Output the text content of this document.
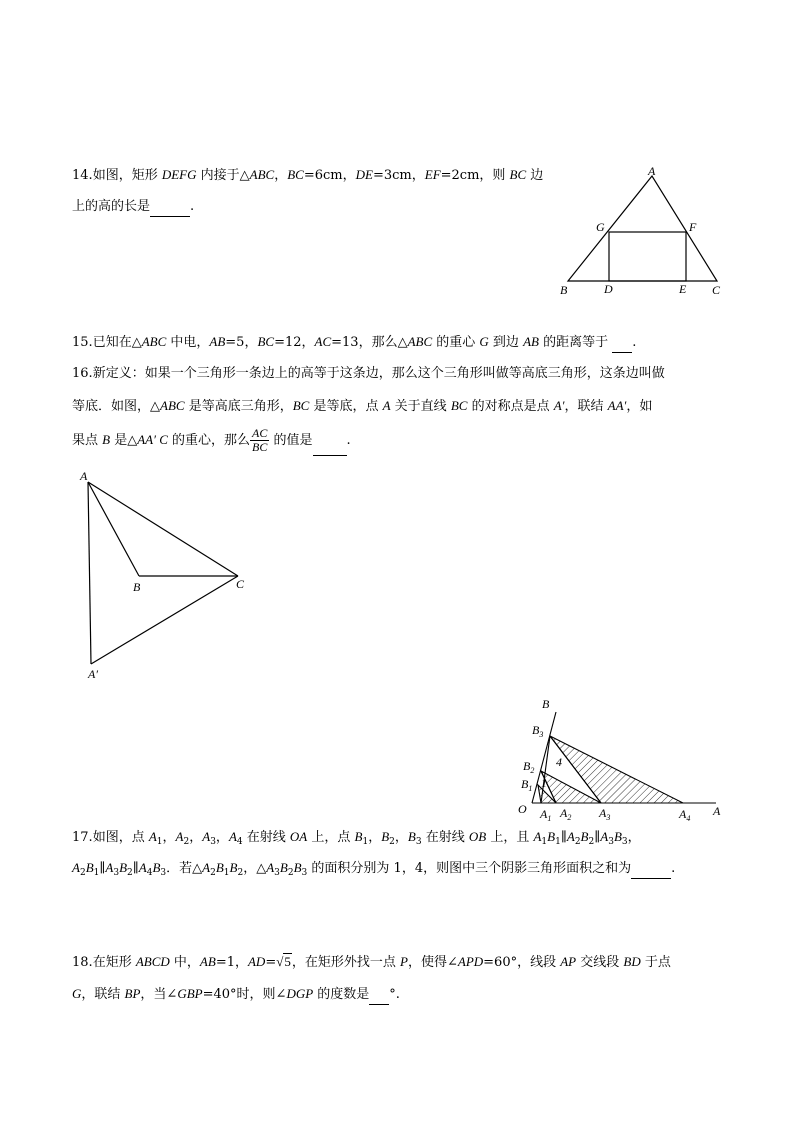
A
B	C
D	E
F
G
A
B	C
A′
B
$B_3$
$B_2$
$B_1$
O $A_1$ $A_2$ $A_3$	$A_4$
A
1
4
14.如图，矩形 DEFG 内接于△ABC，BC=6cm，DE=3cm，EF=2cm，则 BC 边
上的高的长是	.
15.已知在△ABC 中电，AB=5，BC=12，AC=13，那么△ABC 的重心 G 到边 AB 的距离等于 .
16.新定义：如果一个三角形一条边上的高等于这条边，那么这个三角形叫做等高底三角形，这条边叫做
等底．如图，△ABC 是等高底三角形，BC 是等底，点 A 关于直线 BC 的对称点是点 A′，联结 AA′，如
果点 B 是△AA′ C 的重心，那么 $\frac{AC}{BC}$ 的值是	.
17.如图，点 $A_1$，$A_2$，$A_3$，$A_4$ 在射线 OA 上，点 $B_1$，$B_2$，$B_3$ 在射线 OB 上，且 $A_1B_1\parallel A_2B_2\parallel A_3B_3$，
$A_2B_1\parallel A_3B_2\parallel A_4B_3$．若$\triangle A_2B_1B_2$，$\triangle A_3B_2B_3$ 的面积分别为 1，4，则图中三个阴影三角形面积之和为	.
18.在矩形 ABCD 中，AB=1，AD=√5，在矩形外找一点 P，使得∠APD=60°，线段 AP 交线段 BD 于点
G，联结 BP，当∠GBP=40°时，则∠DGP 的度数是 °.
